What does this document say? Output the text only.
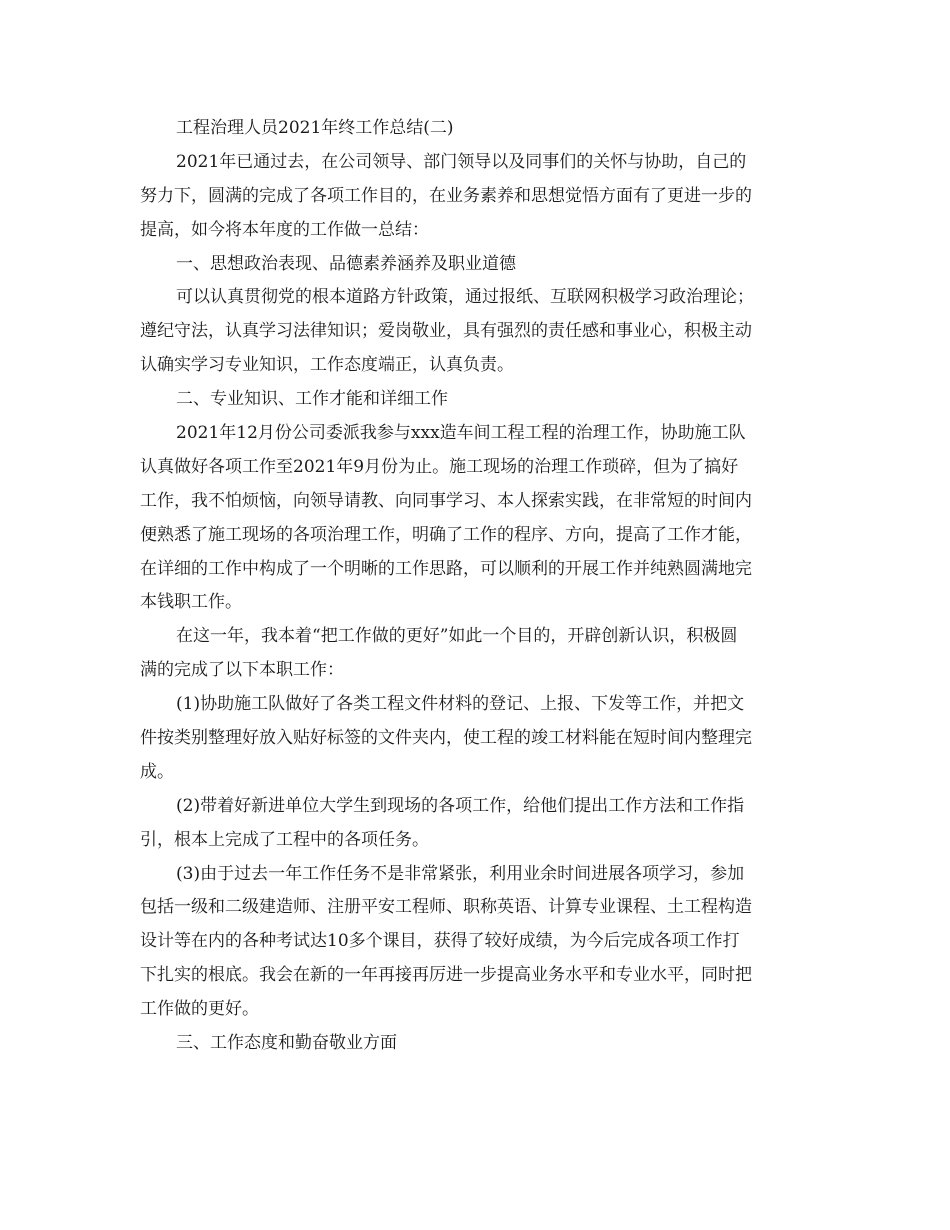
工程治理人员2021年终工作总结(二)
2021年已通过去，在公司领导、部门领导以及同事们的关怀与协助，自己的
努力下，圆满的完成了各项工作目的，在业务素养和思想觉悟方面有了更进一步的
提高，如今将本年度的工作做一总结：
一、思想政治表现、品德素养涵养及职业道德
可以认真贯彻党的根本道路方针政策，通过报纸、互联网积极学习政治理论；
遵纪守法，认真学习法律知识；爱岗敬业，具有强烈的责任感和事业心，积极主动
认确实学习专业知识，工作态度端正，认真负责。
二、专业知识、工作才能和详细工作
2021年12月份公司委派我参与xxx造车间工程工程的治理工作，协助施工队
认真做好各项工作至2021年9月份为止。施工现场的治理工作琐碎，但为了搞好
工作，我不怕烦恼，向领导请教、向同事学习、本人探索实践，在非常短的时间内
便熟悉了施工现场的各项治理工作，明确了工作的程序、方向，提高了工作才能，
在详细的工作中构成了一个明晰的工作思路，可以顺利的开展工作并纯熟圆满地完
本钱职工作。
在这一年，我本着“把工作做的更好”如此一个目的，开辟创新认识，积极圆
满的完成了以下本职工作：
(1)协助施工队做好了各类工程文件材料的登记、上报、下发等工作，并把文
件按类别整理好放入贴好标签的文件夹内，使工程的竣工材料能在短时间内整理完
成。
(2)带着好新进单位大学生到现场的各项工作，给他们提出工作方法和工作指
引，根本上完成了工程中的各项任务。
(3)由于过去一年工作任务不是非常紧张，利用业余时间进展各项学习，参加
包括一级和二级建造师、注册平安工程师、职称英语、计算专业课程、土工程构造
设计等在内的各种考试达10多个课目，获得了较好成绩，为今后完成各项工作打
下扎实的根底。我会在新的一年再接再厉进一步提高业务水平和专业水平，同时把
工作做的更好。
三、工作态度和勤奋敬业方面
